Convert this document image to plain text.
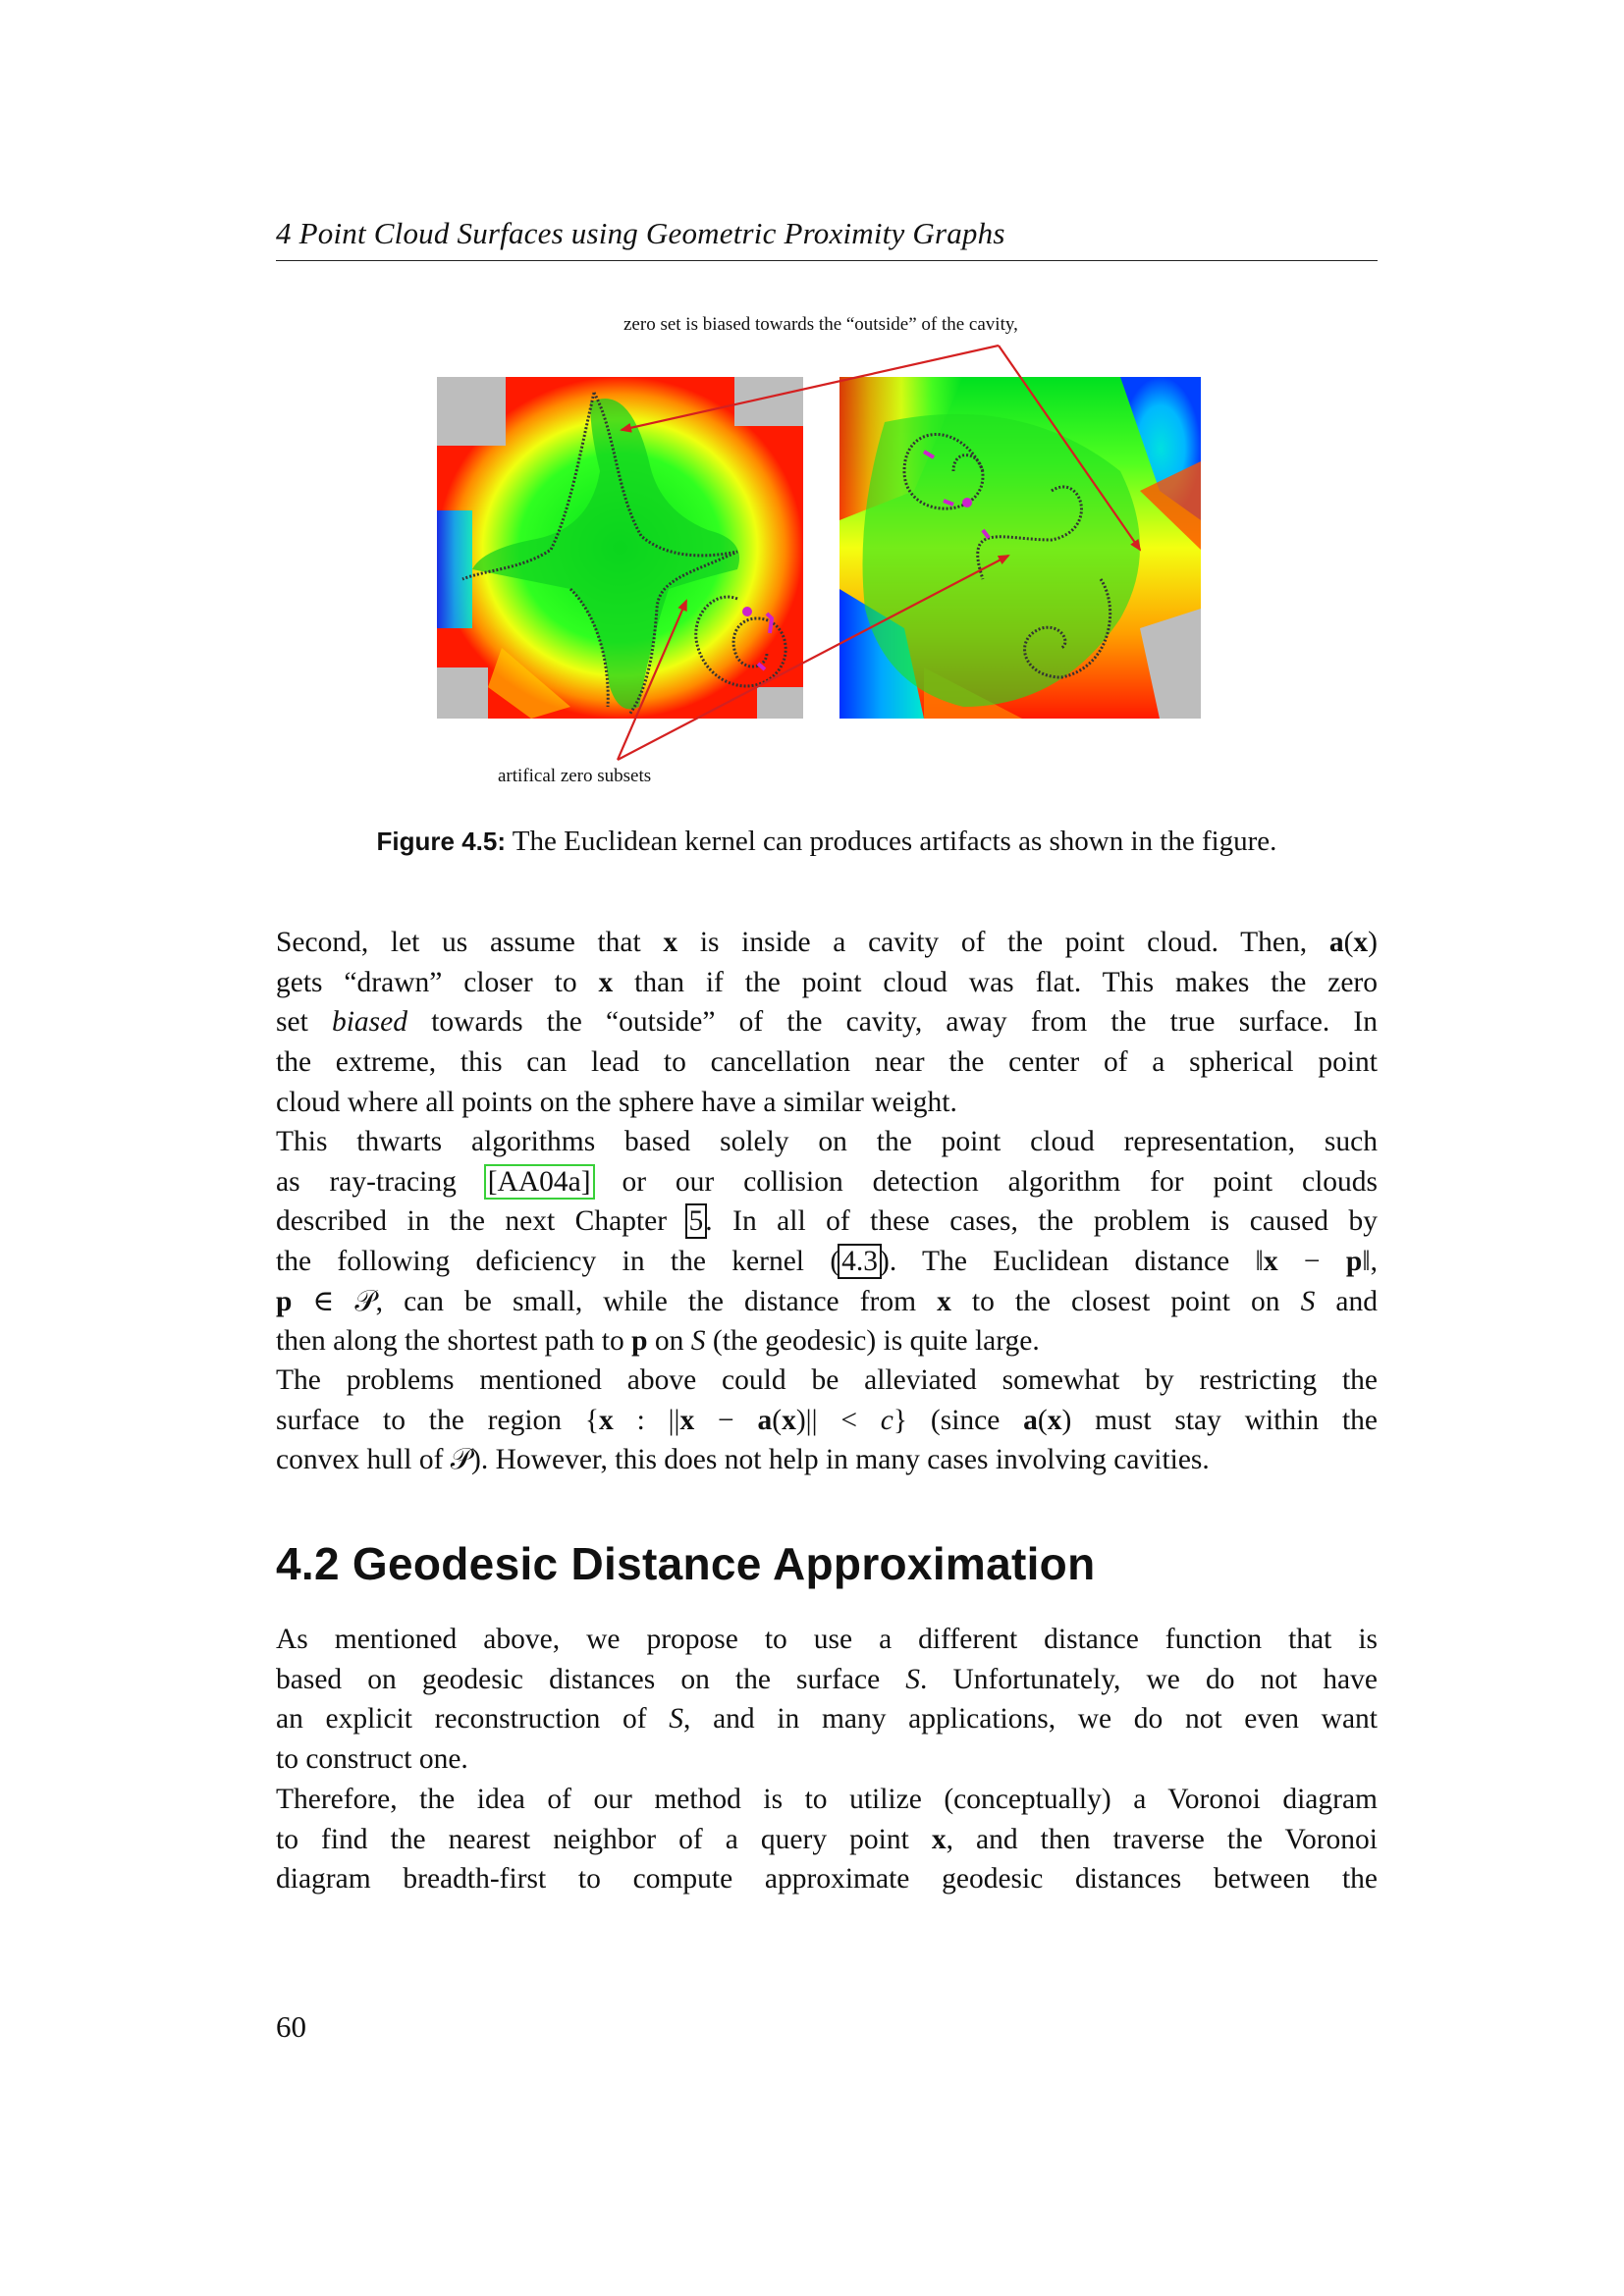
4 Point Cloud Surfaces using Geometric Proximity Graphs
zero set is biased towards the “outside” of the cavity,
artifical zero subsets
Figure 4.5: The Euclidean kernel can produces artifacts as shown in the figure.
Second, let us assume that x is inside a cavity of the point cloud. Then, a(x)
gets “drawn” closer to x than if the point cloud was flat. This makes the zero
set biased towards the “outside” of the cavity, away from the true surface. In
the extreme, this can lead to cancellation near the center of a spherical point
cloud where all points on the sphere have a similar weight.
This thwarts algorithms based solely on the point cloud representation, such
as ray-tracing [AA04a] or our collision detection algorithm for point clouds
described in the next Chapter 5. In all of these cases, the problem is caused by
the following deficiency in the kernel (4.3). The Euclidean distance ‖x − p‖,
p ∈ 𝒫, can be small, while the distance from x to the closest point on S and
then along the shortest path to p on S (the geodesic) is quite large.
The problems mentioned above could be alleviated somewhat by restricting the
surface to the region {x : ||x − a(x)|| < c} (since a(x) must stay within the
convex hull of 𝒫). However, this does not help in many cases involving cavities.
4.2 Geodesic Distance Approximation
As mentioned above, we propose to use a different distance function that is
based on geodesic distances on the surface S. Unfortunately, we do not have
an explicit reconstruction of S, and in many applications, we do not even want
to construct one.
Therefore, the idea of our method is to utilize (conceptually) a Voronoi diagram
to find the nearest neighbor of a query point x, and then traverse the Voronoi
diagram breadth-first to compute approximate geodesic distances between the
60
